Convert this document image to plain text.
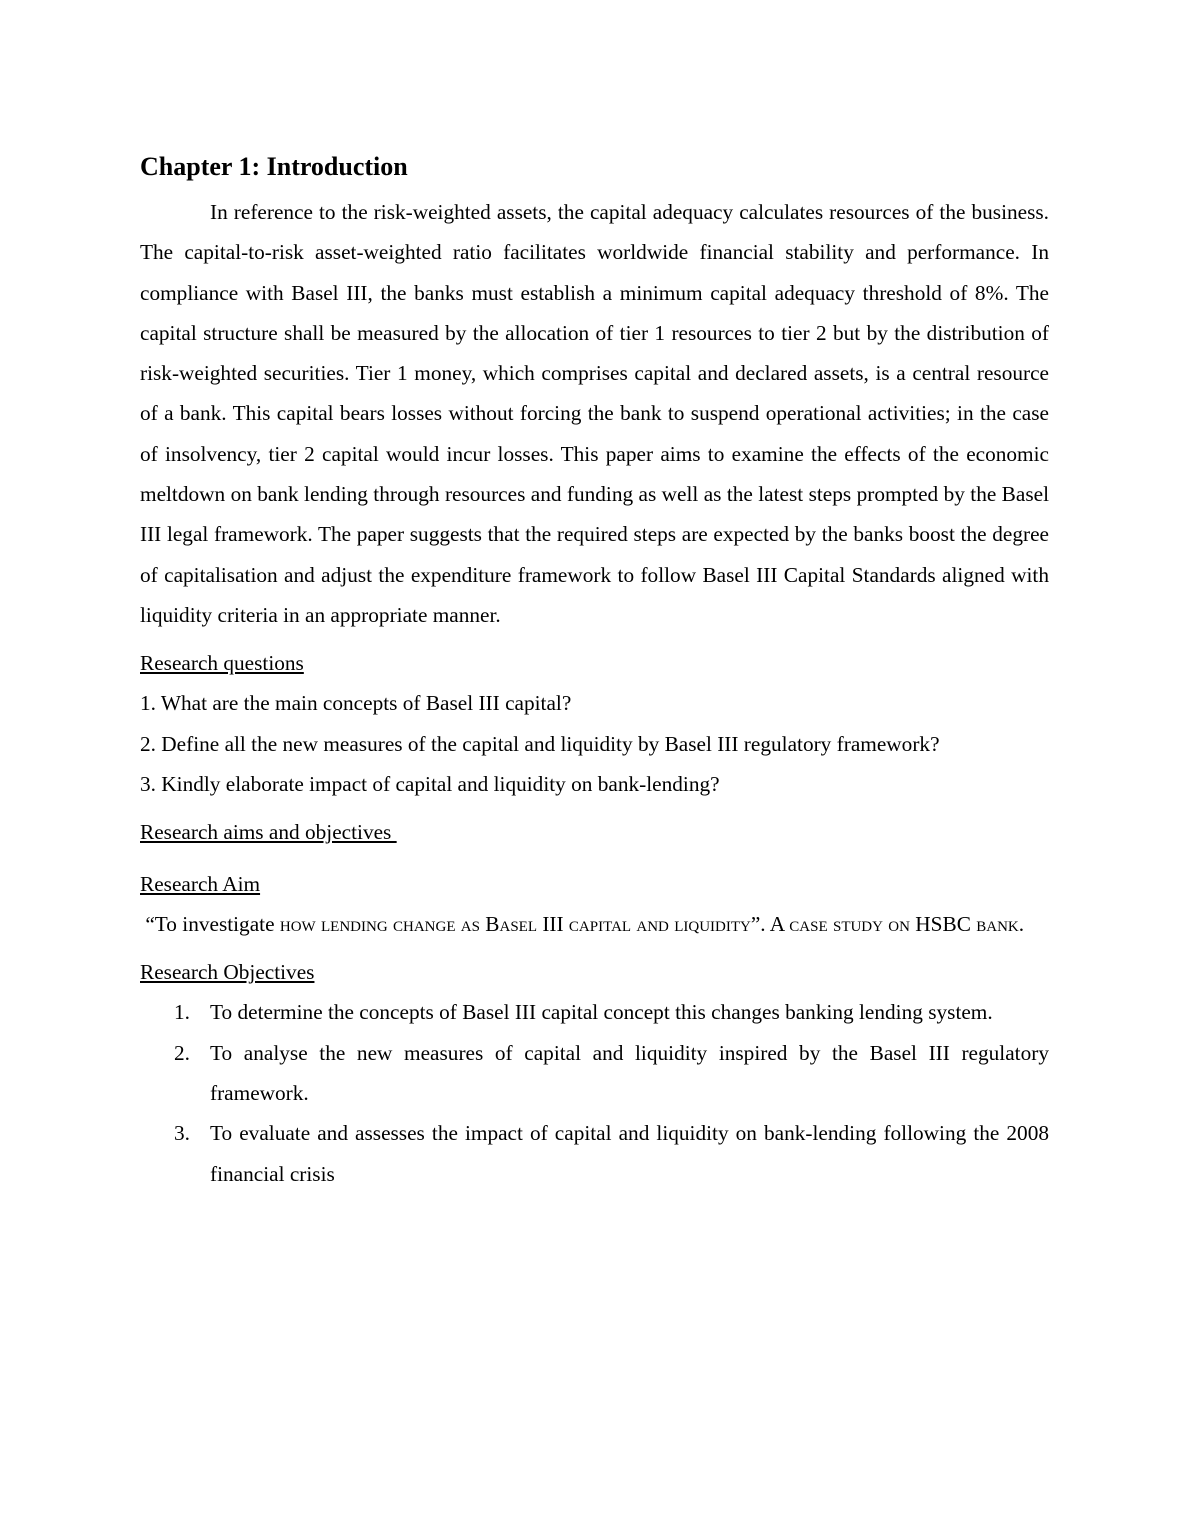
Chapter 1: Introduction

In reference to the risk-weighted assets, the capital adequacy calculates resources of the business. The capital-to-risk asset-weighted ratio facilitates worldwide financial stability and performance. In compliance with Basel III, the banks must establish a minimum capital adequacy threshold of 8%. The capital structure shall be measured by the allocation of tier 1 resources to tier 2 but by the distribution of risk-weighted securities. Tier 1 money, which comprises capital and declared assets, is a central resource of a bank. This capital bears losses without forcing the bank to suspend operational activities; in the case of insolvency, tier 2 capital would incur losses. This paper aims to examine the effects of the economic meltdown on bank lending through resources and funding as well as the latest steps prompted by the Basel III legal framework. The paper suggests that the required steps are expected by the banks boost the degree of capitalisation and adjust the expenditure framework to follow Basel III Capital Standards aligned with liquidity criteria in an appropriate manner.

Research questions

1. What are the main concepts of Basel III capital?
2. Define all the new measures of the capital and liquidity by Basel III regulatory framework?
3. Kindly elaborate impact of capital and liquidity on bank-lending?

Research aims and objectives

Research Aim

“To investigate how lending change as Basel III capital and liquidity”. A case study on HSBC bank.

Research Objectives

1. To determine the concepts of Basel III capital concept this changes banking lending system.
2. To analyse the new measures of capital and liquidity inspired by the Basel III regulatory framework.
3. To evaluate and assesses the impact of capital and liquidity on bank-lending following the 2008 financial crisis
